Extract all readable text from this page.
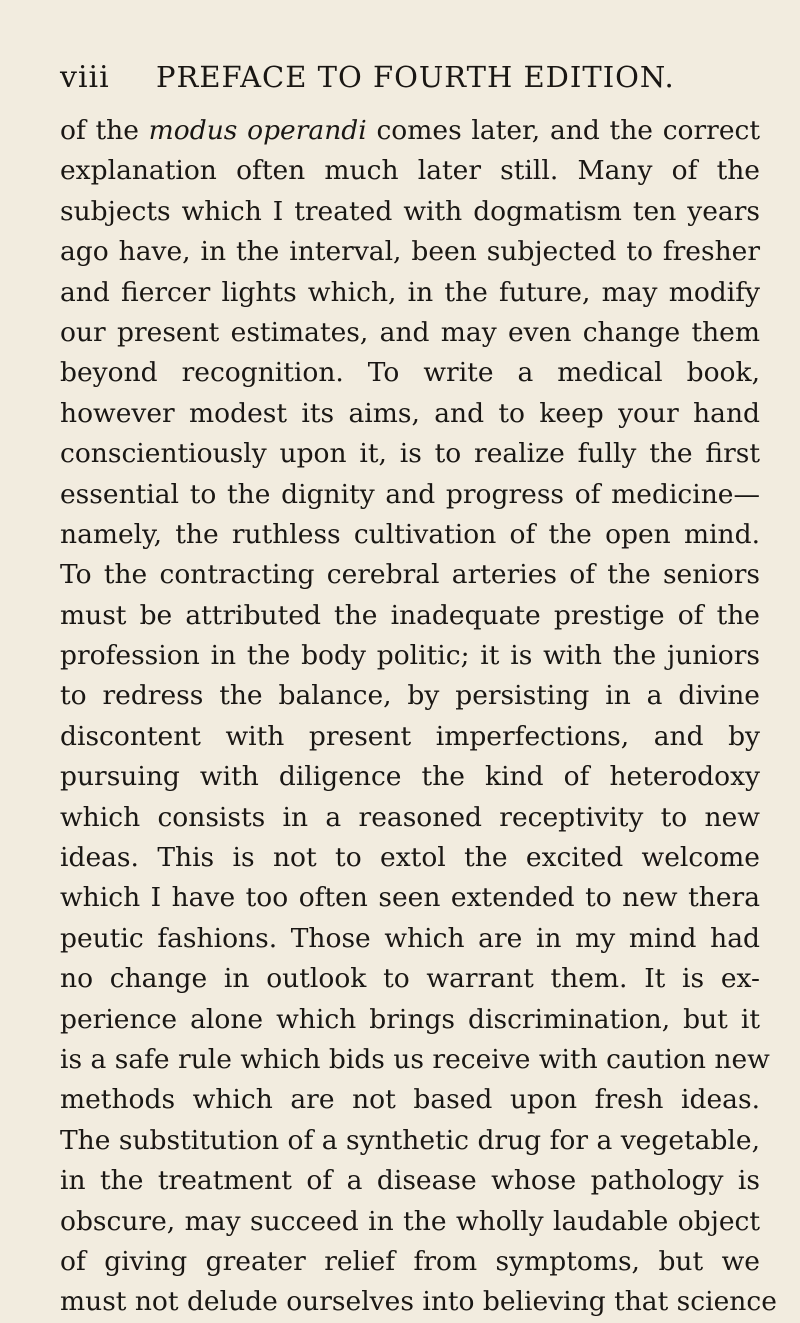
viii	PREFACE TO FOURTH EDITION.
of the modus operandi comes later, and the correct
explanation often much later still. Many of the
subjects which I treated with dogmatism ten years
ago have, in the interval, been subjected to fresher
and fiercer lights which, in the future, may modify
our present estimates, and may even change them
beyond recognition. To write a medical book,
however modest its aims, and to keep your hand
conscientiously upon it, is to realize fully the first
essential to the dignity and progress of medicine—
namely, the ruthless cultivation of the open mind.
To the contracting cerebral arteries of the seniors
must be attributed the inadequate prestige of the
profession in the body politic; it is with the juniors
to redress the balance, by persisting in a divine
discontent with present imperfections, and by
pursuing with diligence the kind of heterodoxy
which consists in a reasoned receptivity to new
ideas. This is not to extol the excited welcome
which I have too often seen extended to new thera
peutic fashions. Those which are in my mind had
no change in outlook to warrant them. It is ex-
perience alone which brings discrimination, but it
is a safe rule which bids us receive with caution new
methods which are not based upon fresh ideas.
The substitution of a synthetic drug for a vegetable,
in the treatment of a disease whose pathology is
obscure, may succeed in the wholly laudable object
of giving greater relief from symptoms, but we
must not delude ourselves into believing that science
